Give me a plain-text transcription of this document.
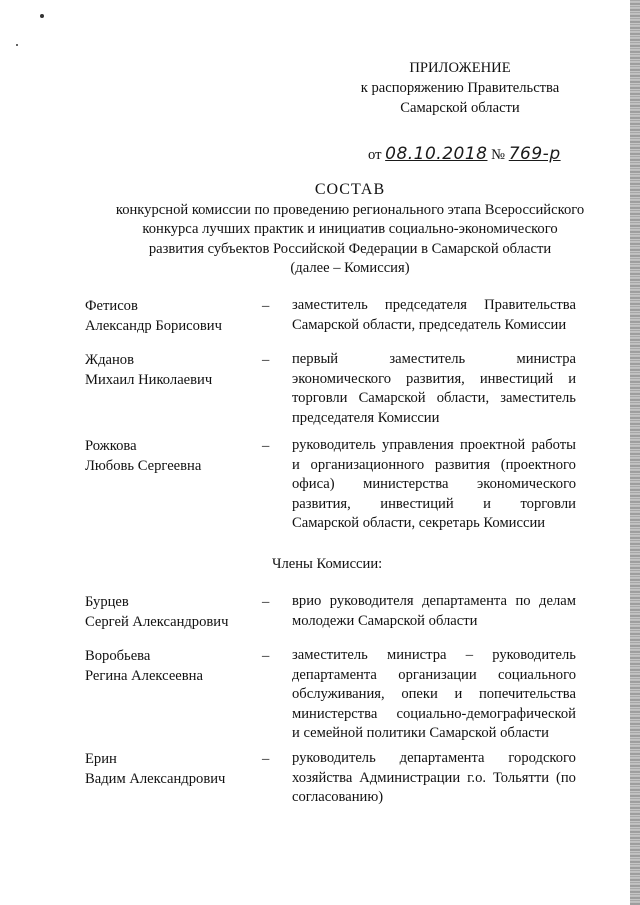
ПРИЛОЖЕНИЕ
к распоряжению Правительства
Самарской области
от 08.10.2018 № 769-р
СОСТАВ
конкурсной комиссии по проведению регионального этапа Всероссийского
конкурса лучших практик и инициатив социально-экономического
развития субъектов Российской Федерации в Самарской области
(далее – Комиссия)
Фетисов
Александр Борисович
– заместитель председателя Правительства
Самарской области, председатель Комиссии
Жданов
Михаил Николаевич
– первый	заместитель	министра
экономического развития, инвестиций и
торговли Самарской области, заместитель
председателя Комиссии
Рожкова
Любовь Сергеевна
– руководитель управления проектной работы
и организационного развития (проектного
офиса) министерства экономического
развития, инвестиций и торговли
Самарской области, секретарь Комиссии
Члены Комиссии:
Бурцев
Сергей Александрович
– врио руководителя департамента по делам
молодежи Самарской области
Воробьева
Регина Алексеевна
– заместитель министра – руководитель
департамента организации социального
обслуживания, опеки и попечительства
министерства социально-демографической
и семейной политики Самарской области
Ерин
Вадим Александрович
– руководитель департамента городского
хозяйства Администрации г.о. Тольятти (по
согласованию)
